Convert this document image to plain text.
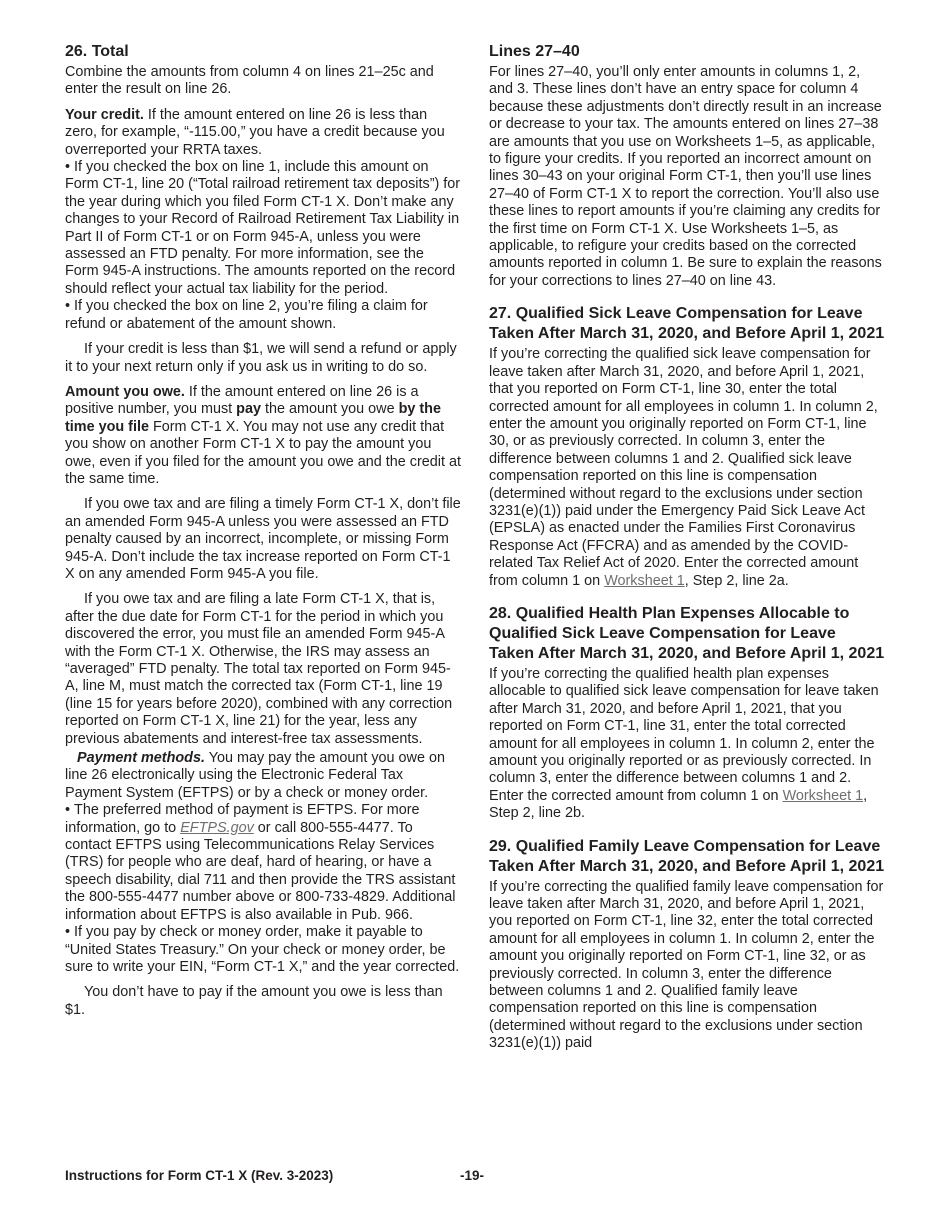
26. Total

Combine the amounts from column 4 on lines 21–25c and enter the result on line 26.

Your credit. If the amount entered on line 26 is less than zero, for example, “-115.00,” you have a credit because you overreported your RRTA taxes.

• If you checked the box on line 1, include this amount on Form CT-1, line 20 (“Total railroad retirement tax deposits”) for the year during which you filed Form CT-1 X. Don’t make any changes to your Record of Railroad Retirement Tax Liability in Part II of Form CT-1 or on Form 945-A, unless you were assessed an FTD penalty. For more information, see the Form 945-A instructions. The amounts reported on the record should reflect your actual tax liability for the period.

• If you checked the box on line 2, you’re filing a claim for refund or abatement of the amount shown.

If your credit is less than $1, we will send a refund or apply it to your next return only if you ask us in writing to do so.

Amount you owe. If the amount entered on line 26 is a positive number, you must pay the amount you owe by the time you file Form CT-1 X. You may not use any credit that you show on another Form CT-1 X to pay the amount you owe, even if you filed for the amount you owe and the credit at the same time.

If you owe tax and are filing a timely Form CT-1 X, don’t file an amended Form 945-A unless you were assessed an FTD penalty caused by an incorrect, incomplete, or missing Form 945-A. Don’t include the tax increase reported on Form CT-1 X on any amended Form 945-A you file.

If you owe tax and are filing a late Form CT-1 X, that is, after the due date for Form CT-1 for the period in which you discovered the error, you must file an amended Form 945-A with the Form CT-1 X. Otherwise, the IRS may assess an “averaged” FTD penalty. The total tax reported on Form 945-A, line M, must match the corrected tax (Form CT-1, line 19 (line 15 for years before 2020), combined with any correction reported on Form CT-1 X, line 21) for the year, less any previous abatements and interest-free tax assessments.

Payment methods. You may pay the amount you owe on line 26 electronically using the Electronic Federal Tax Payment System (EFTPS) or by a check or money order.

• The preferred method of payment is EFTPS. For more information, go to EFTPS.gov or call 800-555-4477. To contact EFTPS using Telecommunications Relay Services (TRS) for people who are deaf, hard of hearing, or have a speech disability, dial 711 and then provide the TRS assistant the 800-555-4477 number above or 800-733-4829. Additional information about EFTPS is also available in Pub. 966.

• If you pay by check or money order, make it payable to “United States Treasury.” On your check or money order, be sure to write your EIN, “Form CT-1 X,” and the year corrected.

You don’t have to pay if the amount you owe is less than $1.

Lines 27–40

For lines 27–40, you’ll only enter amounts in columns 1, 2, and 3. These lines don’t have an entry space for column 4 because these adjustments don’t directly result in an increase or decrease to your tax. The amounts entered on lines 27–38 are amounts that you use on Worksheets 1–5, as applicable, to figure your credits. If you reported an incorrect amount on lines 30–43 on your original Form CT-1, then you’ll use lines 27–40 of Form CT-1 X to report the correction. You’ll also use these lines to report amounts if you’re claiming any credits for the first time on Form CT-1 X. Use Worksheets 1–5, as applicable, to refigure your credits based on the corrected amounts reported in column 1. Be sure to explain the reasons for your corrections to lines 27–40 on line 43.

27. Qualified Sick Leave Compensation for Leave Taken After March 31, 2020, and Before April 1, 2021

If you’re correcting the qualified sick leave compensation for leave taken after March 31, 2020, and before April 1, 2021, that you reported on Form CT-1, line 30, enter the total corrected amount for all employees in column 1. In column 2, enter the amount you originally reported on Form CT-1, line 30, or as previously corrected. In column 3, enter the difference between columns 1 and 2. Qualified sick leave compensation reported on this line is compensation (determined without regard to the exclusions under section 3231(e)(1)) paid under the Emergency Paid Sick Leave Act (EPSLA) as enacted under the Families First Coronavirus Response Act (FFCRA) and as amended by the COVID-related Tax Relief Act of 2020. Enter the corrected amount from column 1 on Worksheet 1, Step 2, line 2a.

28. Qualified Health Plan Expenses Allocable to Qualified Sick Leave Compensation for Leave Taken After March 31, 2020, and Before April 1, 2021

If you’re correcting the qualified health plan expenses allocable to qualified sick leave compensation for leave taken after March 31, 2020, and before April 1, 2021, that you reported on Form CT-1, line 31, enter the total corrected amount for all employees in column 1. In column 2, enter the amount you originally reported or as previously corrected. In column 3, enter the difference between columns 1 and 2. Enter the corrected amount from column 1 on Worksheet 1, Step 2, line 2b.

29. Qualified Family Leave Compensation for Leave Taken After March 31, 2020, and Before April 1, 2021

If you’re correcting the qualified family leave compensation for leave taken after March 31, 2020, and before April 1, 2021, you reported on Form CT-1, line 32, enter the total corrected amount for all employees in column 1. In column 2, enter the amount you originally reported on Form CT-1, line 32, or as previously corrected. In column 3, enter the difference between columns 1 and 2. Qualified family leave compensation reported on this line is compensation (determined without regard to the exclusions under section 3231(e)(1)) paid

Instructions for Form CT-1 X (Rev. 3-2023)	-19-
